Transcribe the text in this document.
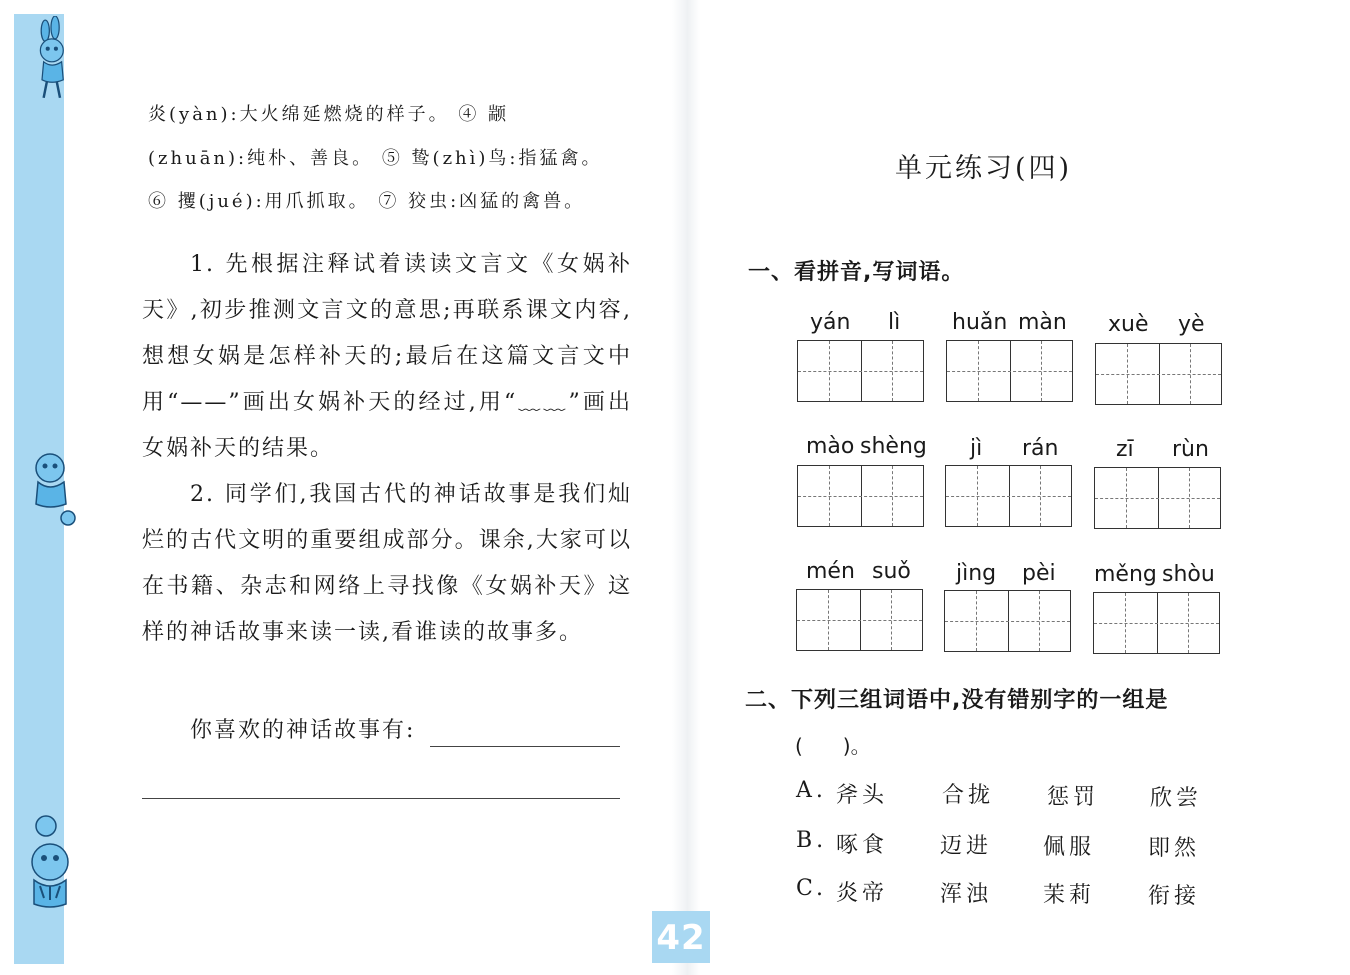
炎(yàn):大火绵延燃烧的样子。 ④ 颛
(zhuān):纯朴、善良。 ⑤ 鸷(zhì)鸟:指猛禽。
⑥ 攫(jué):用爪抓取。 ⑦ 狡虫:凶猛的禽兽。
1. 先根据注释试着读读文言文《女娲补天》,初步推测文言文的意思;再联系课文内容,想想女娲是怎样补天的;最后在这篇文言文中用“——”画出女娲补天的经过,用“﹏﹏”画出女娲补天的结果。
2. 同学们,我国古代的神话故事是我们灿烂的古代文明的重要组成部分。课余,大家可以在书籍、杂志和网络上寻找像《女娲补天》这样的神话故事来读一读,看谁读的故事多。
你喜欢的神话故事有:
单元练习(四)
一、看拼音,写词语。
yán lì huǎn màn xuè yè
mào shèng jì rán	zī rùn
mén suǒ jìng pèi měng shòu
二、下列三组词语中,没有错别字的一组是
(　　)。
A. 斧头 合拢 惩罚 欣尝
B. 啄食 迈进 佩服 即然
C. 炎帝 浑浊 茉莉 衔接
42
